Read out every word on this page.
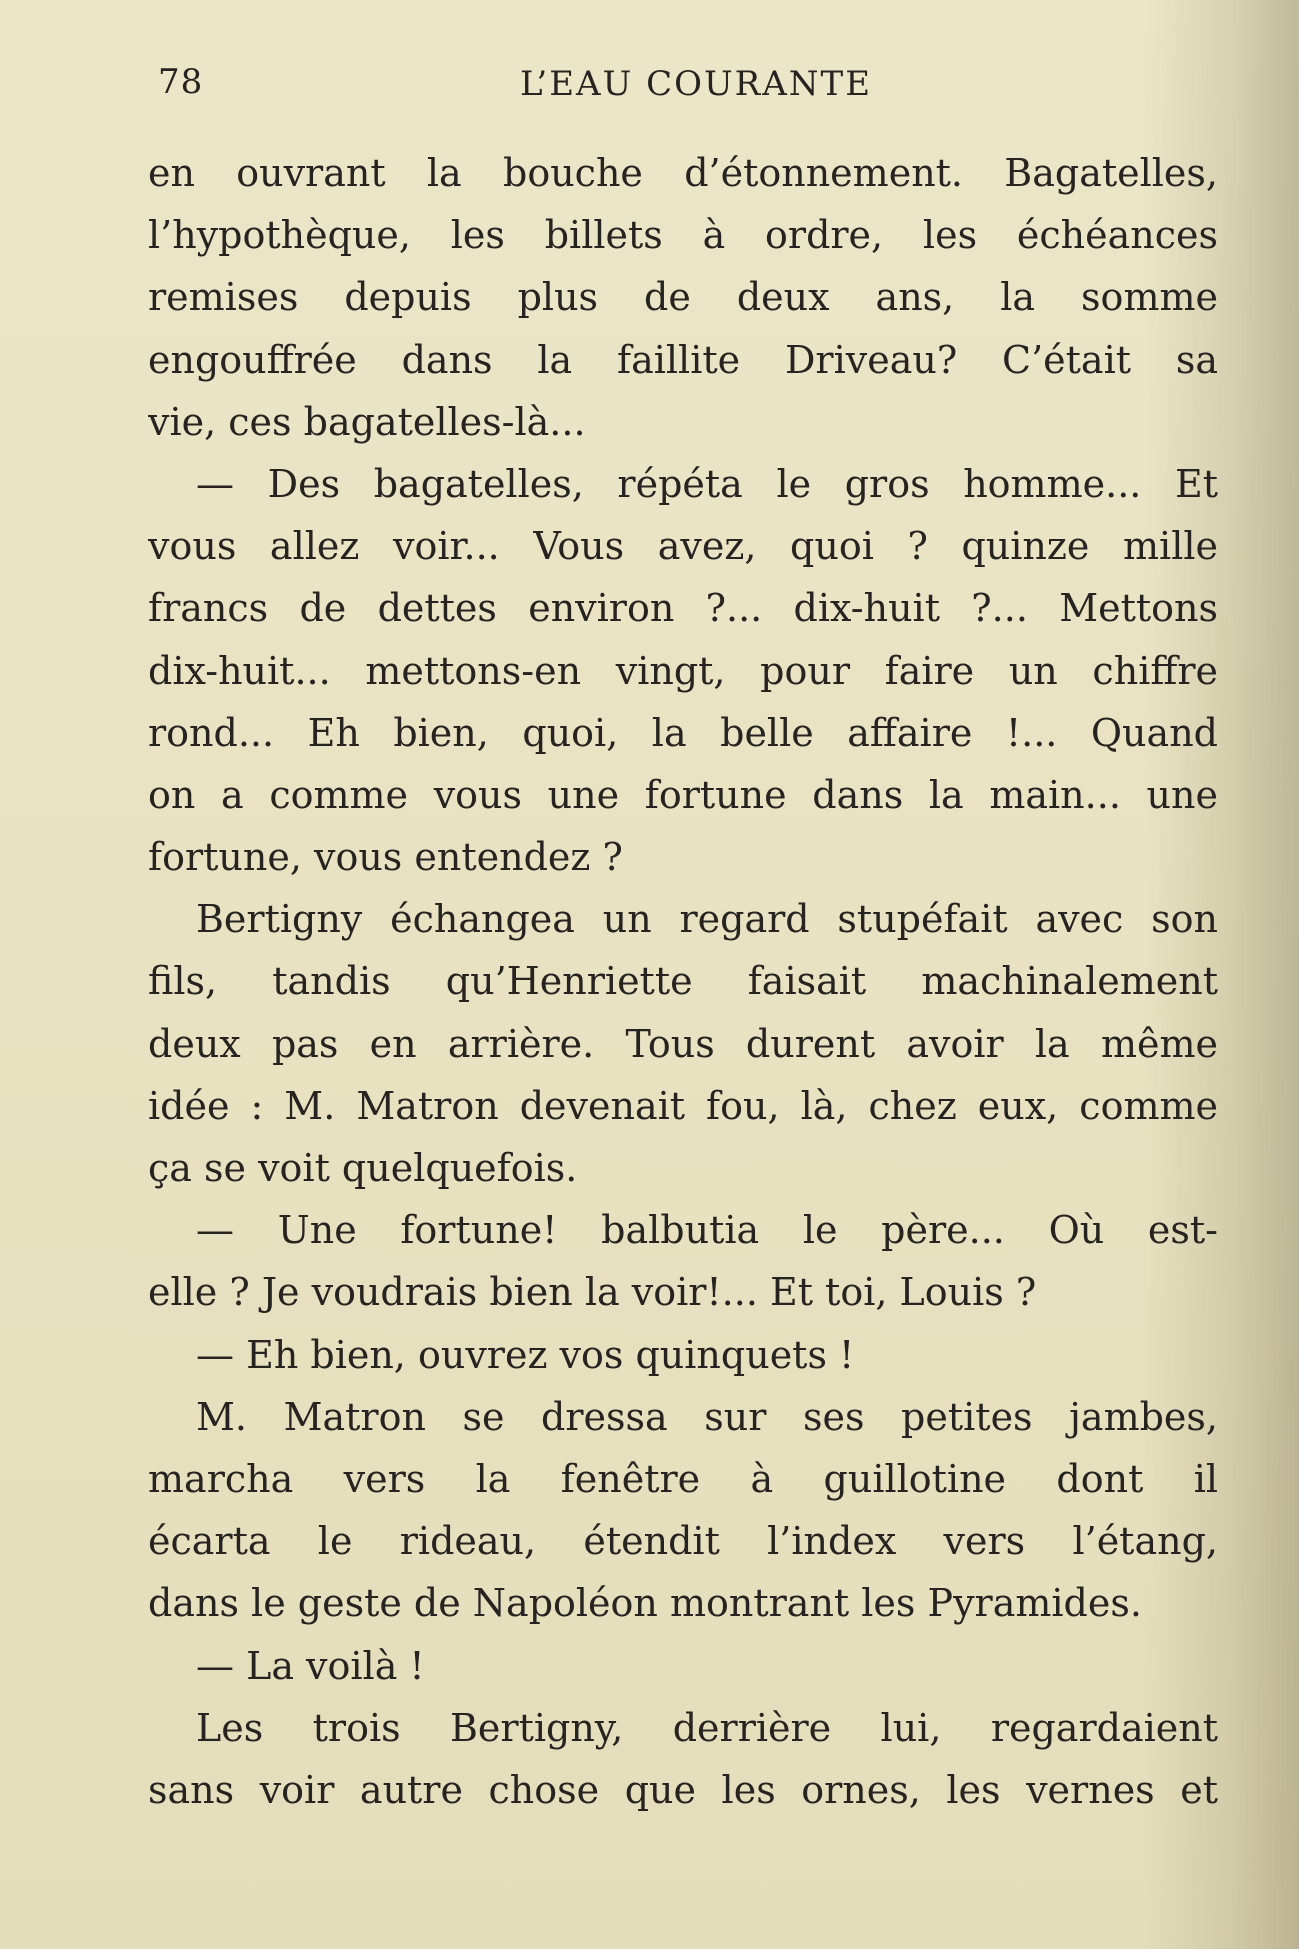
78	L’EAU COURANTE
en ouvrant la bouche d’étonnement. Bagatelles,
l’hypothèque, les billets à ordre, les échéances
remises depuis plus de deux ans, la somme
engouffrée dans la faillite Driveau? C’était sa
vie, ces bagatelles-là...
— Des bagatelles, répéta le gros homme... Et
vous allez voir... Vous avez, quoi ? quinze mille
francs de dettes environ ?... dix-huit ?... Mettons
dix-huit... mettons-en vingt, pour faire un chiffre
rond... Eh bien, quoi, la belle affaire !... Quand
on a comme vous une fortune dans la main... une
fortune, vous entendez ?
Bertigny échangea un regard stupéfait avec son
fils, tandis qu’Henriette faisait machinalement
deux pas en arrière. Tous durent avoir la même
idée : M. Matron devenait fou, là, chez eux, comme
ça se voit quelquefois.
— Une fortune! balbutia le père... Où est-
elle ? Je voudrais bien la voir!... Et toi, Louis ?
— Eh bien, ouvrez vos quinquets !
M. Matron se dressa sur ses petites jambes,
marcha vers la fenêtre à guillotine dont il
écarta le rideau, étendit l’index vers l’étang,
dans le geste de Napoléon montrant les Pyramides.
— La voilà !
Les trois Bertigny, derrière lui, regardaient
sans voir autre chose que les ornes, les vernes et
